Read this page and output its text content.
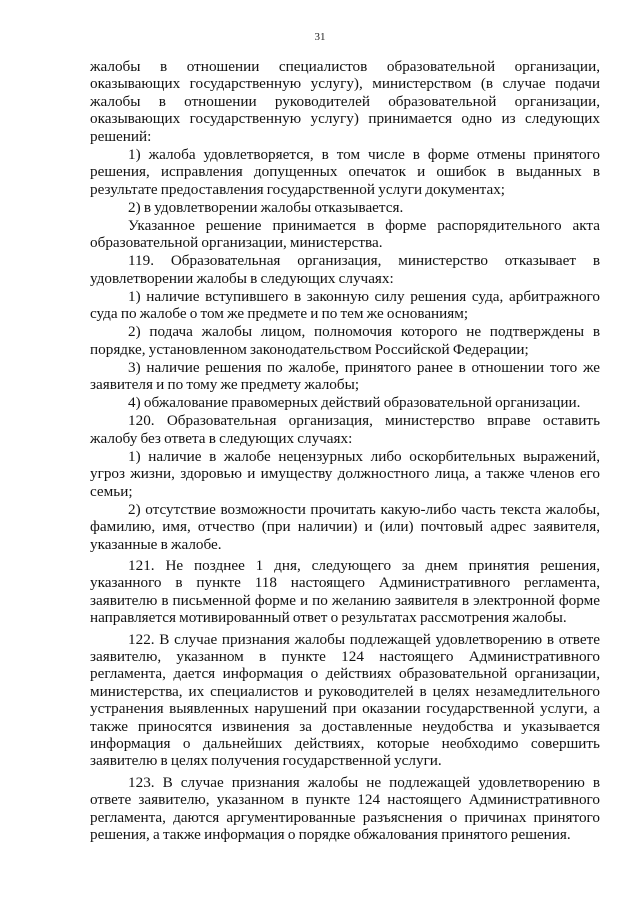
31

жалобы в отношении специалистов образовательной организации, оказывающих государственную услугу), министерством (в случае подачи жалобы в отношении руководителей образовательной организации, оказывающих государственную услугу) принимается одно из следующих решений:

1) жалоба удовлетворяется, в том числе в форме отмены принятого решения, исправления допущенных опечаток и ошибок в выданных в результате предоставления государственной услуги документах;

2) в удовлетворении жалобы отказывается.

Указанное решение принимается в форме распорядительного акта образовательной организации, министерства.

119. Образовательная организация, министерство отказывает в удовлетворении жалобы в следующих случаях:

1) наличие вступившего в законную силу решения суда, арбитражного суда по жалобе о том же предмете и по тем же основаниям;

2) подача жалобы лицом, полномочия которого не подтверждены в порядке, установленном законодательством Российской Федерации;

3) наличие решения по жалобе, принятого ранее в отношении того же заявителя и по тому же предмету жалобы;

4) обжалование правомерных действий образовательной организации.

120. Образовательная организация, министерство вправе оставить жалобу без ответа в следующих случаях:

1) наличие в жалобе нецензурных либо оскорбительных выражений, угроз жизни, здоровью и имуществу должностного лица, а также членов его семьи;

2) отсутствие возможности прочитать какую-либо часть текста жалобы, фамилию, имя, отчество (при наличии) и (или) почтовый адрес заявителя, указанные в жалобе.

121. Не позднее 1 дня, следующего за днем принятия решения, указанного в пункте 118 настоящего Административного регламента, заявителю в письменной форме и по желанию заявителя в электронной форме направляется мотивированный ответ о результатах рассмотрения жалобы.

122. В случае признания жалобы подлежащей удовлетворению в ответе заявителю, указанном в пункте 124 настоящего Административного регламента, дается информация о действиях образовательной организации, министерства, их специалистов и руководителей в целях незамедлительного устранения выявленных нарушений при оказании государственной услуги, а также приносятся извинения за доставленные неудобства и указывается информация о дальнейших действиях, которые необходимо совершить заявителю в целях получения государственной услуги.

123. В случае признания жалобы не подлежащей удовлетворению в ответе заявителю, указанном в пункте 124 настоящего Административного регламента, даются аргументированные разъяснения о причинах принятого решения, а также информация о порядке обжалования принятого решения.
